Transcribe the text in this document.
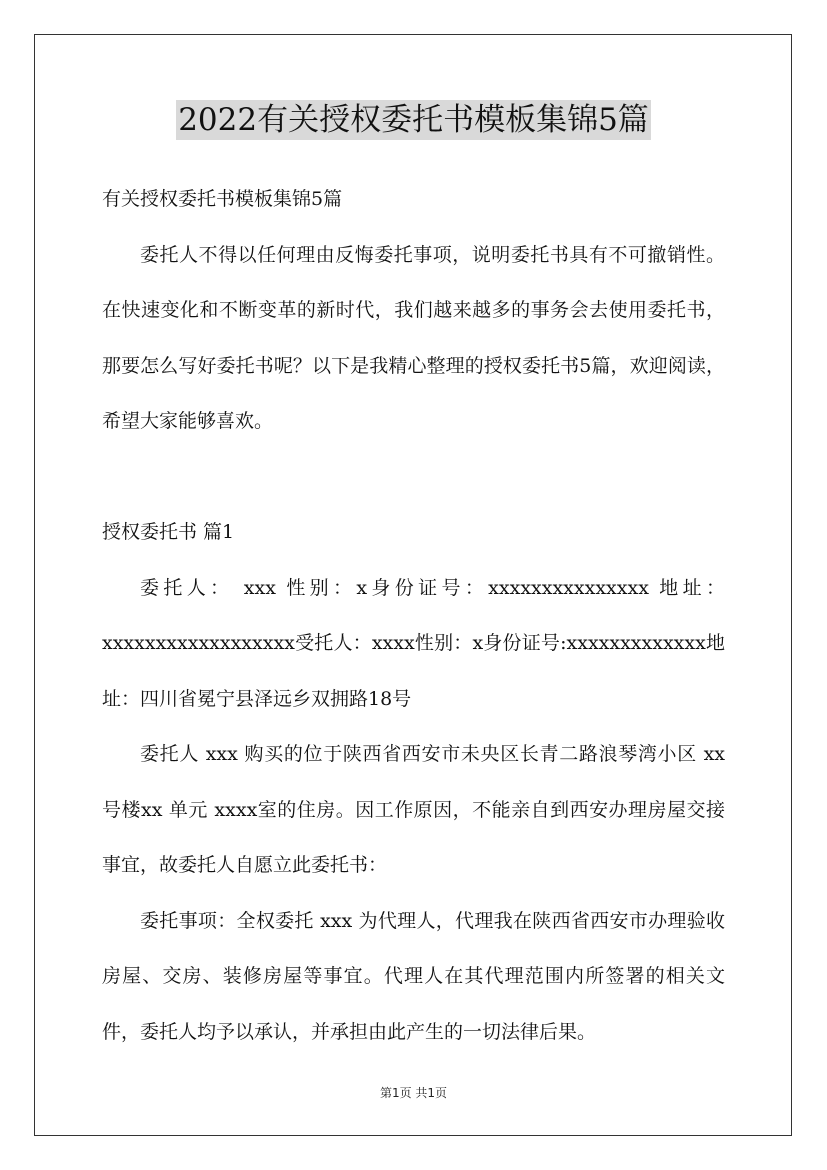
2022有关授权委托书模板集锦5篇

有关授权委托书模板集锦5篇

委托人不得以任何理由反悔委托事项，说明委托书具有不可撤销性。在快速变化和不断变革的新时代，我们越来越多的事务会去使用委托书，那要怎么写好委托书呢？以下是我精心整理的授权委托书5篇，欢迎阅读，希望大家能够喜欢。

授权委托书 篇1

委托人： xxx 性别：x身份证号：xxxxxxxxxxxxxxx 地址：xxxxxxxxxxxxxxxxxx受托人：xxxx性别：x身份证号:xxxxxxxxxxxxx地址：四川省冕宁县泽远乡双拥路18号

委托人 xxx 购买的位于陕西省西安市未央区长青二路浪琴湾小区 xx 号楼xx 单元 xxxx室的住房。因工作原因，不能亲自到西安办理房屋交接事宜，故委托人自愿立此委托书：

委托事项：全权委托 xxx 为代理人，代理我在陕西省西安市办理验收房屋、交房、装修房屋等事宜。代理人在其代理范围内所签署的相关文件，委托人均予以承认，并承担由此产生的一切法律后果。

第1页 共1页
